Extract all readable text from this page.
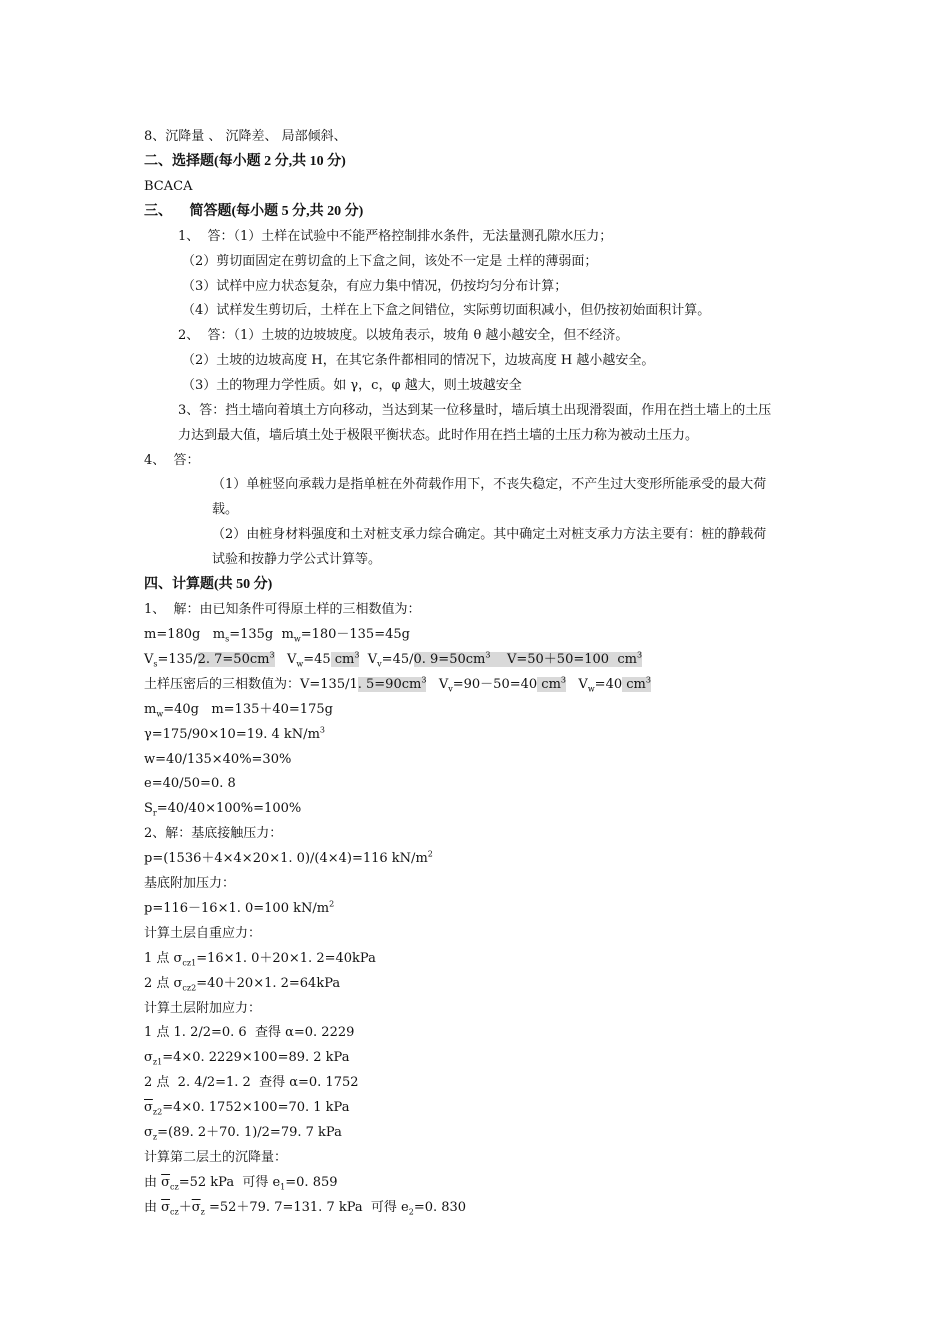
8、沉降量 、 沉降差、 局部倾斜、
二、选择题(每小题 2 分,共 10 分)
BCACA
三、     简答题(每小题 5 分,共 20 分)
1、  答：（1）土样在试验中不能严格控制排水条件，无法量测孔隙水压力；
（2）剪切面固定在剪切盒的上下盒之间，该处不一定是 土样的薄弱面；
（3）试样中应力状态复杂，有应力集中情况，仍按均匀分布计算；
（4）试样发生剪切后，土样在上下盒之间错位，实际剪切面积减小，但仍按初始面积计算。
2、  答：（1）土坡的边坡坡度。以坡角表示，坡角 θ 越小越安全，但不经济。
（2）土坡的边坡高度 H，在其它条件都相同的情况下，边坡高度 H 越小越安全。
（3）土的物理力学性质。如 γ，c，φ 越大，则土坡越安全
3、答：挡土墙向着填土方向移动，当达到某一位移量时，墙后填土出现滑裂面，作用在挡土墙上的土压
力达到最大值，墙后填土处于极限平衡状态。此时作用在挡土墙的土压力称为被动土压力。
4、  答：
（1）单桩竖向承载力是指单桩在外荷载作用下，不丧失稳定，不产生过大变形所能承受的最大荷
载。
（2）由桩身材料强度和土对桩支承力综合确定。其中确定土对桩支承力方法主要有：桩的静载荷
试验和按静力学公式计算等。
四、计算题(共 50 分)
1、  解：由已知条件可得原土样的三相数值为：
m=180g   $m_s=135g$  $m_w=180-135=45g$
$V_s=135/2$. $7=50cm^3$ $V_w=45$ $cm^3$ $V_v=45/0$. $9=50cm^3$ V=50＋50=100  $cm^3$
土样压密后的三相数值为：V=135/1. $5=90cm^3$ $V_v=90-50=40$ $cm^3$ $V_w=40$ $cm^3$
$m_w=40g$   m=135＋40=175g
γ=175/90×10=19. 4 $kN/m^3$
w=40/135×40%=30%
e=40/50=0. 8
$S_r=40/40\times 100\%=100\%$
2、解：基底接触压力：
p=(1536＋4×4×20×1. 0)/(4×4)=116 $kN/m^2$
基底附加压力：
p=116－16×1. 0=100 $kN/m^2$
计算土层自重应力：
1 点 $\sigma_{cz1}=16\times 1$. 0＋20×1. 2=40kPa
2 点 $\sigma_{cz2}=40+20\times 1$. 2=64kPa
计算土层附加应力：
1 点 1. 2/2=0. 6  查得 α=0. 2229
$\sigma_{z1}=4\times 0$. 2229×100=89. 2 kPa
2 点  2. 4/2=1. 2  查得 α=0. 1752
$\overline{\sigma}_{z2}=4\times 0$. 1752×100=70. 1 kPa
$\sigma_z=(89$. 2＋70. 1)/2=79. 7 kPa
计算第二层土的沉降量：
由 $\overline{\sigma}_{cz}=52$ kPa  可得 $e_1=0$. 859
由 $\overline{\sigma}_{cz}+\overline{\sigma}_z =52+79$. 7=131. 7 kPa  可得 $e_2=0$. 830
